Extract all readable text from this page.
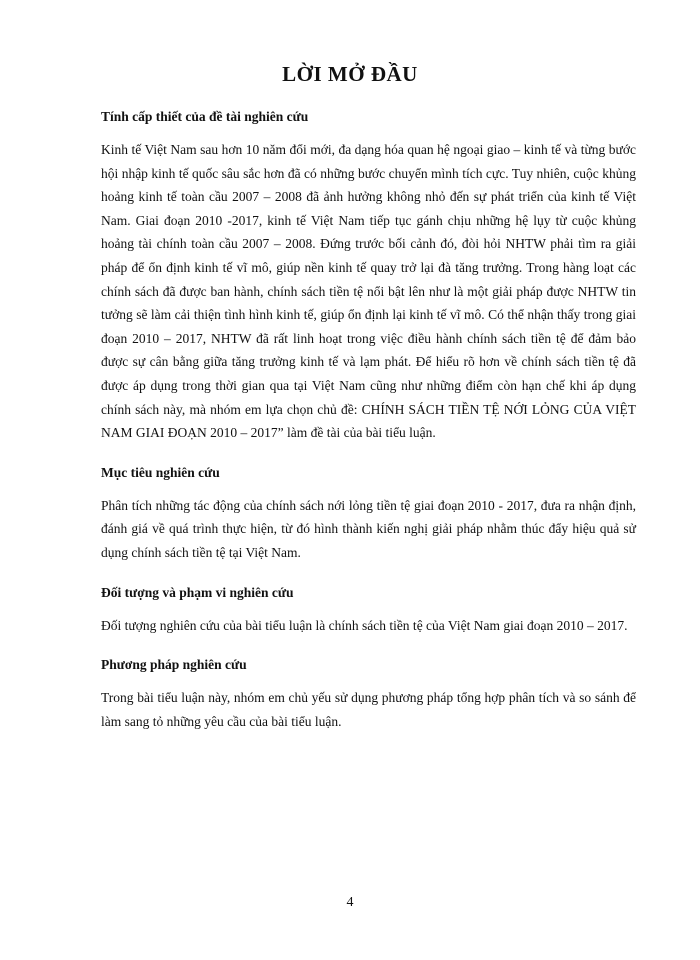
LỜI MỞ ĐẦU
Tính cấp thiết của đề tài nghiên cứu

Kinh tế Việt Nam sau hơn 10 năm đổi mới, đa dạng hóa quan hệ ngoại giao – kinh tế và từng bước hội nhập kinh tế quốc sâu sắc hơn đã có những bước chuyển mình tích cực. Tuy nhiên, cuộc khủng hoảng kinh tế toàn cầu 2007 – 2008 đã ảnh hưởng không nhỏ đến sự phát triển của kinh tế Việt Nam. Giai đoạn 2010 -2017, kinh tế Việt Nam tiếp tục gánh chịu những hệ lụy từ cuộc khủng hoảng tài chính toàn cầu 2007 – 2008. Đứng trước bối cảnh đó, đòi hỏi NHTW phải tìm ra giải pháp để ổn định kinh tế vĩ mô, giúp nền kinh tế quay trở lại đà tăng trưởng. Trong hàng loạt các chính sách đã được ban hành, chính sách tiền tệ nổi bật lên như là một giải pháp được NHTW tin tưởng sẽ làm cải thiện tình hình kinh tế, giúp ổn định lại kinh tế vĩ mô. Có thể nhận thấy trong giai đoạn 2010 – 2017, NHTW đã rất linh hoạt trong việc điều hành chính sách tiền tệ để đảm bảo được sự cân bằng giữa tăng trưởng kinh tế và lạm phát. Để hiểu rõ hơn về chính sách tiền tệ đã được áp dụng trong thời gian qua tại Việt Nam cũng như những điểm còn hạn chế khi áp dụng chính sách này, mà nhóm em lựa chọn chủ đề: CHÍNH SÁCH TIỀN TỆ NỚI LỎNG CỦA VIỆT NAM GIAI ĐOẠN 2010 – 2017” làm đề tài của bài tiểu luận.

Mục tiêu nghiên cứu

Phân tích những tác động của chính sách nới lỏng tiền tệ giai đoạn 2010 - 2017, đưa ra nhận định, đánh giá về quá trình thực hiện, từ đó hình thành kiến nghị giải pháp nhằm thúc đẩy hiệu quả sử dụng chính sách tiền tệ tại Việt Nam.

Đối tượng và phạm vi nghiên cứu

Đối tượng nghiên cứu của bài tiểu luận là chính sách tiền tệ của Việt Nam giai đoạn 2010 – 2017.

Phương pháp nghiên cứu

Trong bài tiểu luận này, nhóm em chủ yếu sử dụng phương pháp tổng hợp phân tích và so sánh để làm sang tỏ những yêu cầu của bài tiểu luận.

4
